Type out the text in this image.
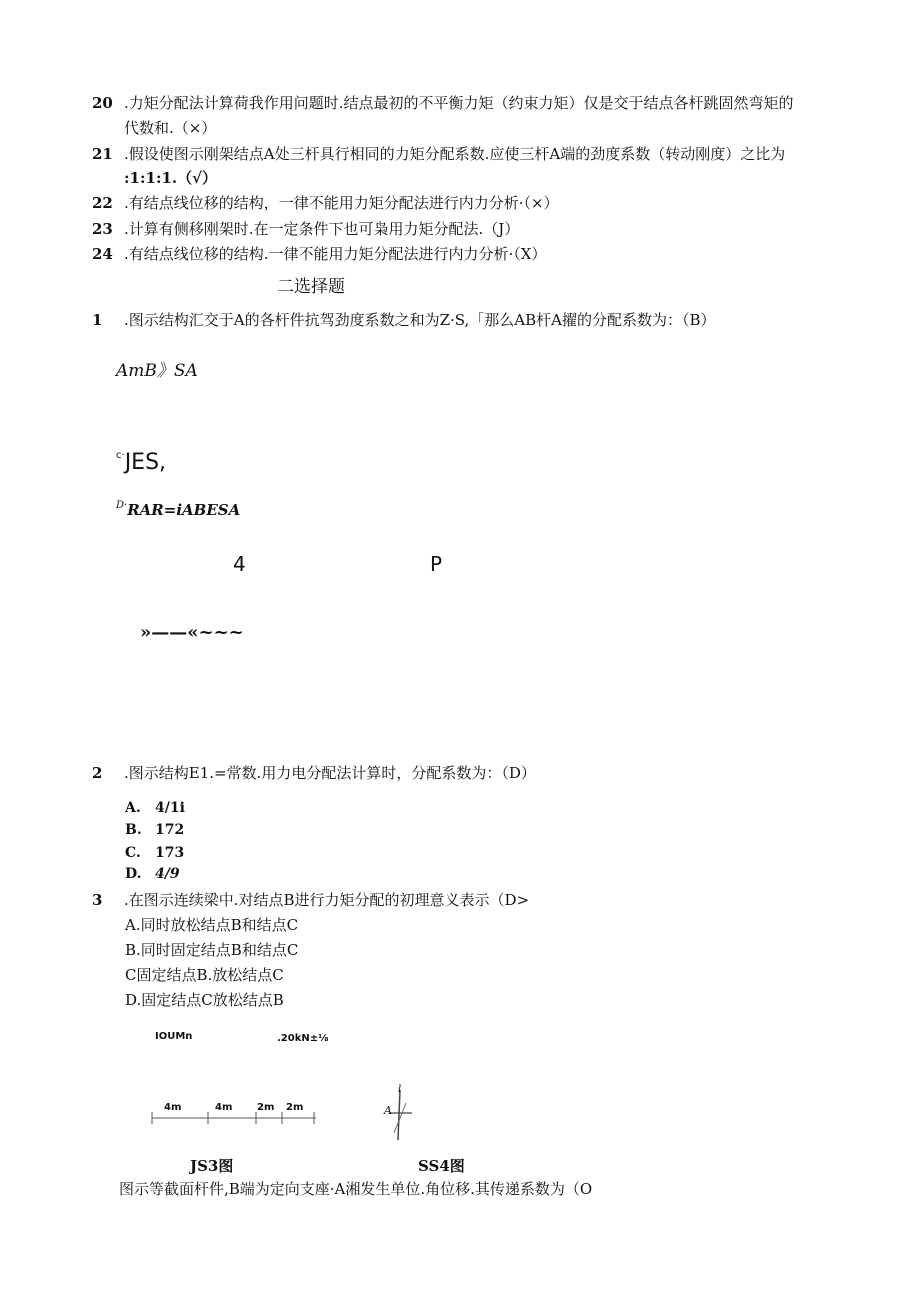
20 .力矩分配法计算荷我作用问题时.结点最初的不平衡力矩（约束力矩）仅是交于结点各杆跳固然弯矩的
代数和.（×）
21 .假设使图示刚架结点A处三杆具行相同的力矩分配系数.应使三杆A端的劲度系数（转动刚度）之比为
:1:1:1.（√）
22 .有结点线位移的结构，一律不能用力矩分配法进行内力分析·（×）
23 .计算有侧移刚架时.在一定条件下也可枭用力矩分配法.（J）
24 .有结点线位移的结构.一律不能用力矩分配法进行内力分析·（X）
二选择题
1 .图示结构汇交于A的各杆件抗驾劲度系数之和为Z·S,「那么AB杆A擢的分配系数为：（B）
AmB》SA
$^{c\cdot}$JES,
$^{D\cdot}$RAR=iABESA
4	P
»——«~~~
2 .图示结构E1.=常数.用力电分配法计算时，分配系数为：（D）
A. 4/1i
B. 172
C. 173
D. 4/9
3 .在图示连续梁中.对结点B进行力矩分配的初理意义表示（D>
A.同时放松结点B和结点C
B.同时固定结点B和结点C
C固定结点B.放松结点C
D.固定结点C放松结点B
IOUMn	.20kN±⅛
4m	4m 2m 2m
l
A
JS3图	SS4图
图示等截面杆件,B端为定向支座·A湘发生单位.角位移.其传递系数为（O
